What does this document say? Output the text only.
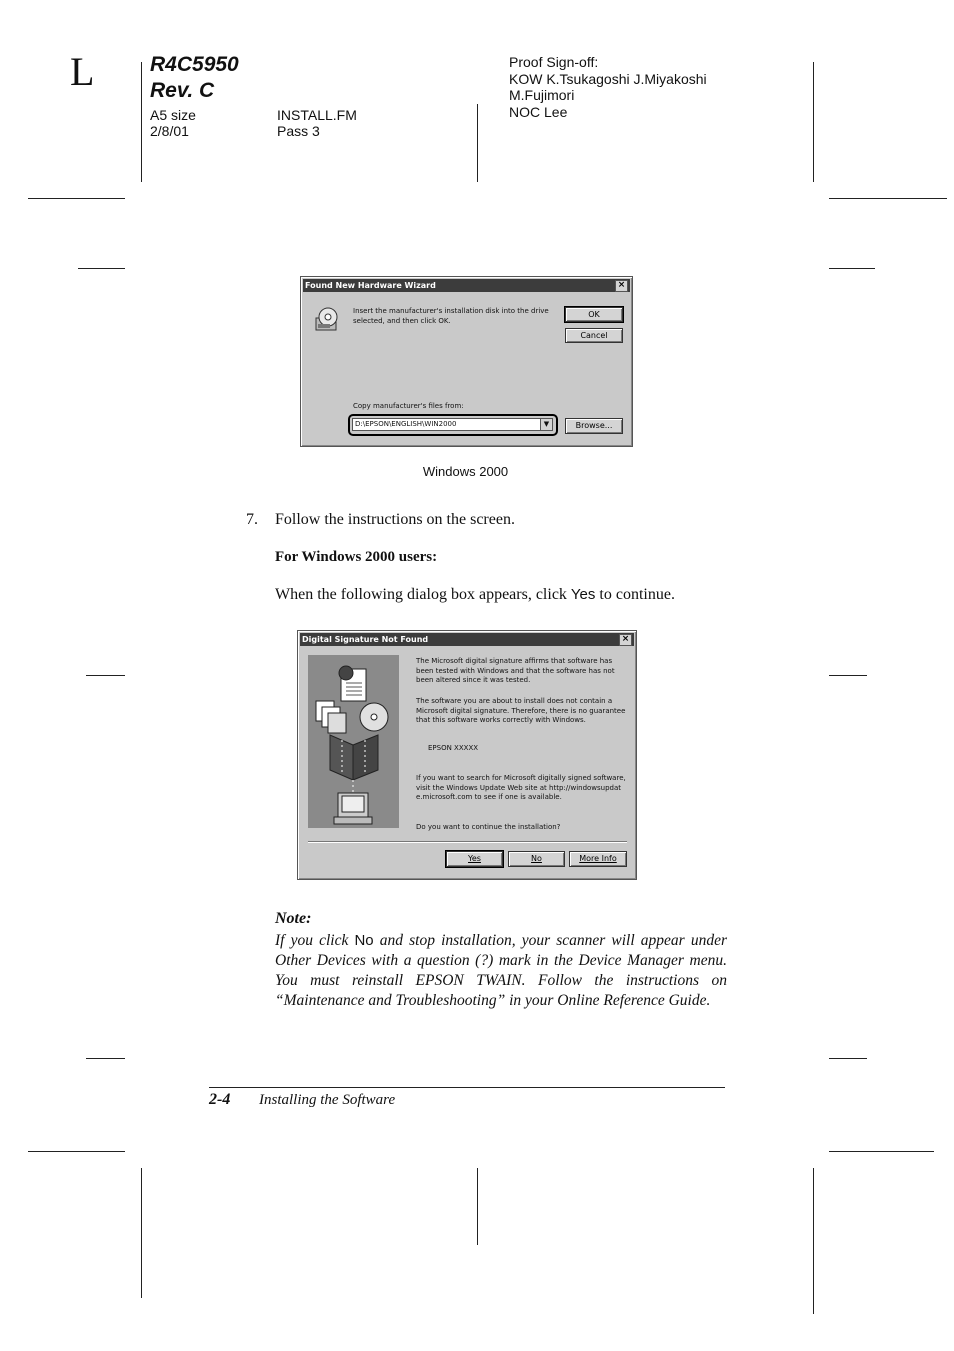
L	R4C5950
Rev. C
A5 size
2/8/01
INSTALL.FM
Pass 3
Proof Sign-off:
KOW K.Tsukagoshi J.Miyakoshi
M.Fujimori
NOC Lee
Found New Hardware Wizard	×
Insert the manufacturer's installation disk into the drive selected, and then click OK.
OK
Cancel
Copy manufacturer's files from:
D:\EPSON\ENGLISH\WIN2000	▼	Browse...
Windows 2000
7. Follow the instructions on the screen.
For Windows 2000 users:
When the following dialog box appears, click Yes to continue.
Digital Signature Not Found	×
The Microsoft digital signature affirms that software has been tested with Windows and that the software has not been altered since it was tested.
The software you are about to install does not contain a Microsoft digital signature. Therefore, there is no guarantee that this software works correctly with Windows.
EPSON XXXXX
If you want to search for Microsoft digitally signed software, visit the Windows Update Web site at http://windowsupdate.microsoft.com to see if one is available.
Do you want to continue the installation?
Yes	No	More Info
Note:
If you click No and stop installation, your scanner will appear under Other Devices with a question (?) mark in the Device Manager menu. You must reinstall EPSON TWAIN. Follow the instructions on “Maintenance and Troubleshooting” in your Online Reference Guide.
2-4 Installing the Software
